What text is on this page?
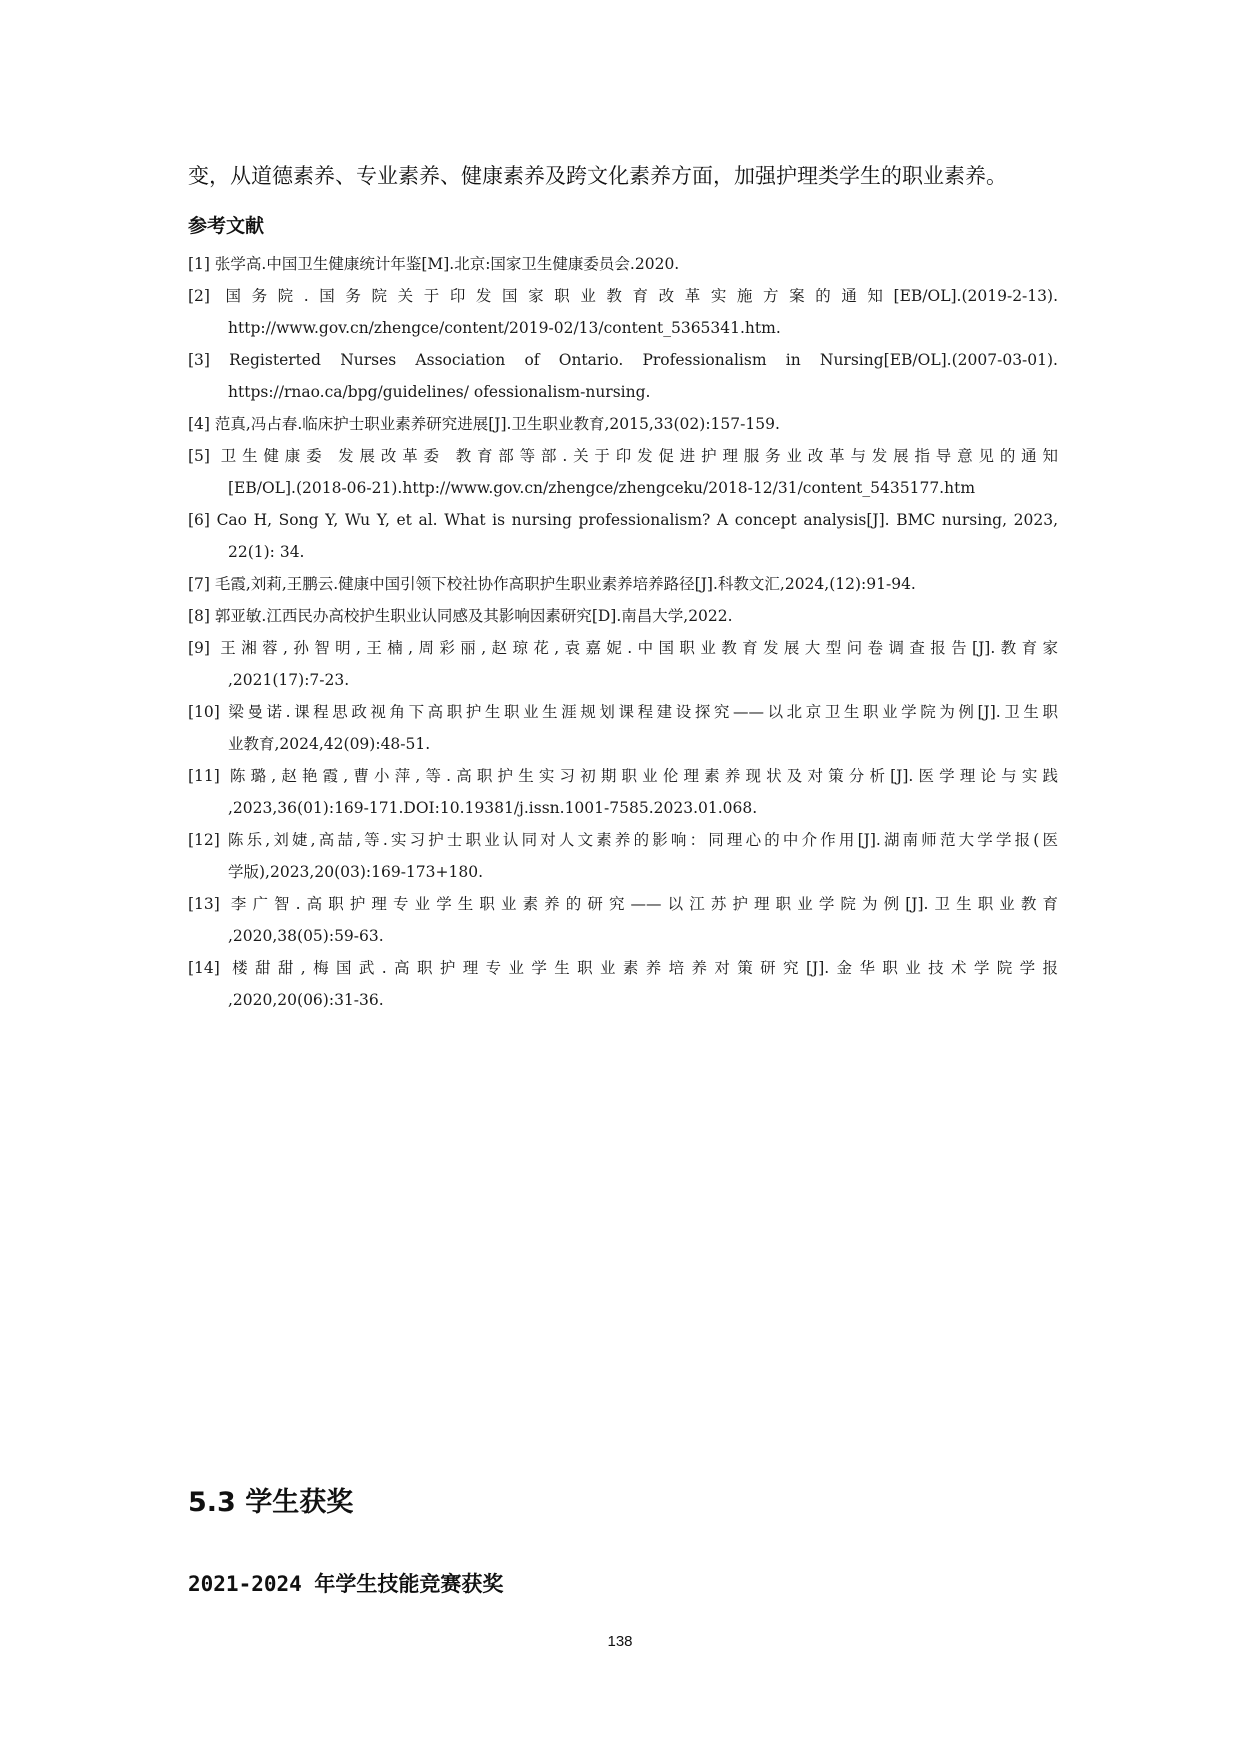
变，从道德素养、专业素养、健康素养及跨文化素养方面，加强护理类学生的职业素养。
参考文献
[1] 张学高.中国卫生健康统计年鉴[M].北京:国家卫生健康委员会.2020.
[2] 国务院.国务院关于印发国家职业教育改革实施方案的通知[EB/OL].(2019-2-13).
http://www.gov.cn/zhengce/content/2019-02/13/content_5365341.htm.
[3] Registerted Nurses Association of Ontario. Professionalism in Nursing[EB/OL].(2007-03-01).
https://rnao.ca/bpg/guidelines/ ofessionalism-nursing.
[4] 范真,冯占春.临床护士职业素养研究进展[J].卫生职业教育,2015,33(02):157-159.
[5] 卫生健康委 发展改革委 教育部等部.关于印发促进护理服务业改革与发展指导意见的通知
[EB/OL].(2018-06-21).http://www.gov.cn/zhengce/zhengceku/2018-12/31/content_5435177.htm
[6] Cao H, Song Y, Wu Y, et al. What is nursing professionalism? A concept analysis[J]. BMC nursing, 2023,
22(1): 34.
[7] 毛霞,刘莉,王鹏云.健康中国引领下校社协作高职护生职业素养培养路径[J].科教文汇,2024,(12):91-94.
[8] 郭亚敏.江西民办高校护生职业认同感及其影响因素研究[D].南昌大学,2022.
[9] 王湘蓉,孙智明,王楠,周彩丽,赵琼花,袁嘉妮.中国职业教育发展大型问卷调查报告[J].教育家
,2021(17):7-23.
[10] 梁曼诺.课程思政视角下高职护生职业生涯规划课程建设探究——以北京卫生职业学院为例[J].卫生职
业教育,2024,42(09):48-51.
[11] 陈璐,赵艳霞,曹小萍,等.高职护生实习初期职业伦理素养现状及对策分析[J].医学理论与实践
,2023,36(01):169-171.DOI:10.19381/j.issn.1001-7585.2023.01.068.
[12] 陈乐,刘婕,高喆,等.实习护士职业认同对人文素养的影响：同理心的中介作用[J].湖南师范大学学报(医
学版),2023,20(03):169-173+180.
[13] 李广智.高职护理专业学生职业素养的研究——以江苏护理职业学院为例[J].卫生职业教育
,2020,38(05):59-63.
[14] 楼甜甜,梅国武.高职护理专业学生职业素养培养对策研究[J].金华职业技术学院学报
,2020,20(06):31-36.
5.3 学生获奖
2021-2024 年学生技能竞赛获奖
138
